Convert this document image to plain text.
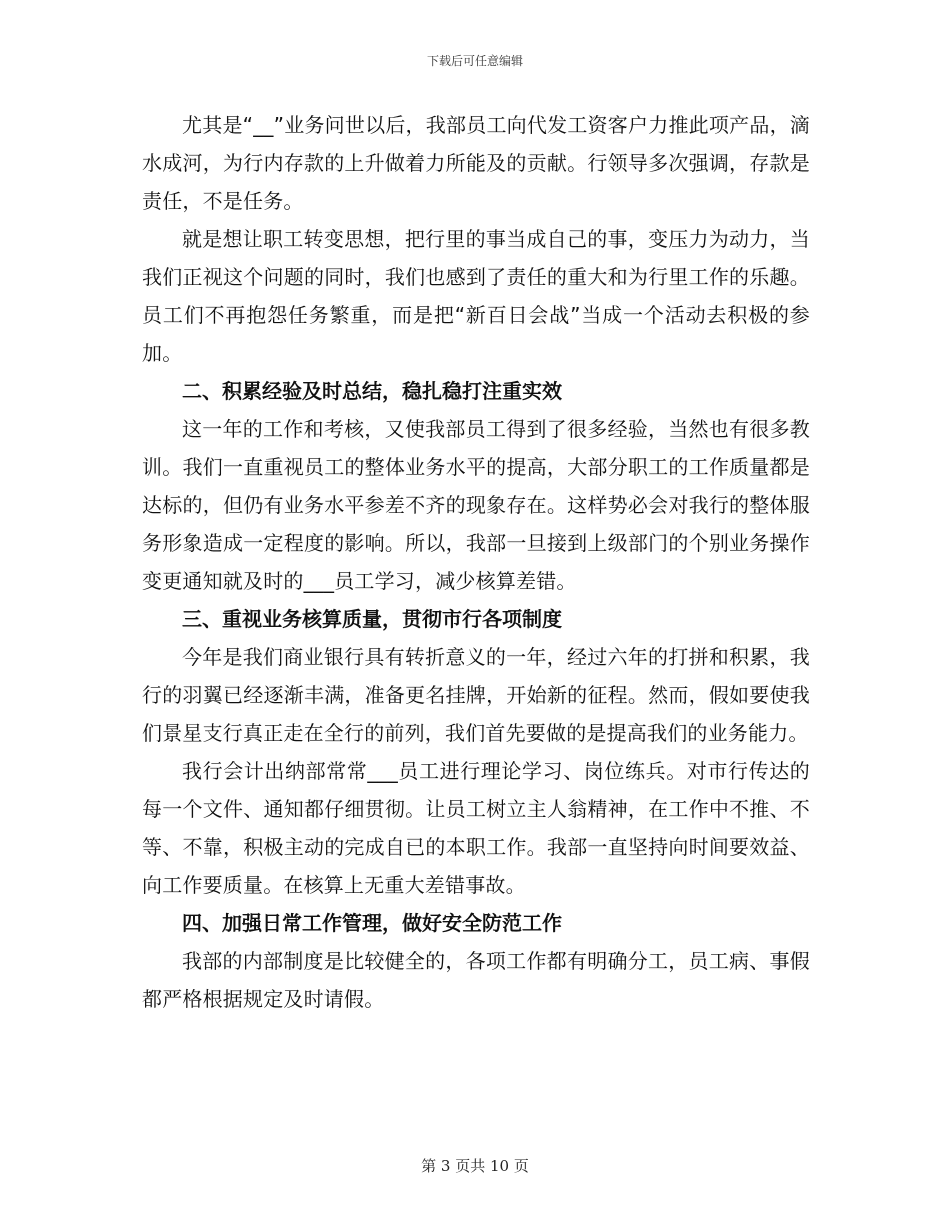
下载后可任意编辑

尤其是“__”业务问世以后，我部员工向代发工资客户力推此项产品，滴水成河，为行内存款的上升做着力所能及的贡献。行领导多次强调，存款是责任，不是任务。

就是想让职工转变思想，把行里的事当成自己的事，变压力为动力，当我们正视这个问题的同时，我们也感到了责任的重大和为行里工作的乐趣。员工们不再抱怨任务繁重，而是把“新百日会战”当成一个活动去积极的参加。

二、积累经验及时总结，稳扎稳打注重实效

这一年的工作和考核，又使我部员工得到了很多经验，当然也有很多教训。我们一直重视员工的整体业务水平的提高，大部分职工的工作质量都是达标的，但仍有业务水平参差不齐的现象存在。这样势必会对我行的整体服务形象造成一定程度的影响。所以，我部一旦接到上级部门的个别业务操作变更通知就及时的___员工学习，减少核算差错。

三、重视业务核算质量，贯彻市行各项制度

今年是我们商业银行具有转折意义的一年，经过六年的打拼和积累，我行的羽翼已经逐渐丰满，准备更名挂牌，开始新的征程。然而，假如要使我们景星支行真正走在全行的前列，我们首先要做的是提高我们的业务能力。

我行会计出纳部常常___员工进行理论学习、岗位练兵。对市行传达的每一个文件、通知都仔细贯彻。让员工树立主人翁精神，在工作中不推、不等、不靠，积极主动的完成自已的本职工作。我部一直坚持向时间要效益、向工作要质量。在核算上无重大差错事故。

四、加强日常工作管理，做好安全防范工作

我部的内部制度是比较健全的，各项工作都有明确分工，员工病、事假都严格根据规定及时请假。

第 3 页共 10 页
